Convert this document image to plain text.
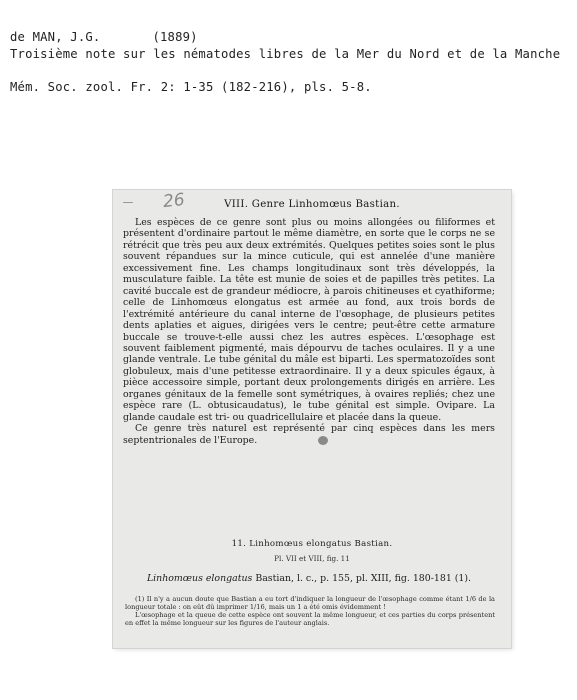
de MAN, J.G.	(1889)
Troisième note sur les nématodes libres de la Mer du Nord et de la Manche
Mém. Soc. zool. Fr. 2: 1-35 (182-216), pls. 5-8.
26	VIII. Genre Linhomœus Bastian.

Les espèces de ce genre sont plus ou moins allongées ou filiformes et présentent d'ordinaire partout le même diamètre, en sorte que le corps ne se rétrécit que très peu aux deux extrémités. Quelques petites soies sont le plus souvent répandues sur la mince cuticule, qui est annelée d'une manière excessivement fine. Les champs longitudinaux sont très développés, la musculature faible. La tête est munie de soies et de papilles très petites. La cavité buccale est de grandeur médiocre, à parois chitineuses et cyathiforme; celle de Linhomœus elongatus est armée au fond, aux trois bords de l'extrémité antérieure du canal interne de l'œsophage, de plusieurs petites dents aplaties et aigues, dirigées vers le centre; peut-être cette armature buccale se trouve-t-elle aussi chez les autres espèces. L'œsophage est souvent faiblement pigmenté, mais dépourvu de taches oculaires. Il y a une glande ventrale. Le tube génital du mâle est biparti. Les spermatozoïdes sont globuleux, mais d'une petitesse extraordinaire. Il y a deux spicules égaux, à pièce accessoire simple, portant deux prolongements dirigés en arrière. Les organes génitaux de la femelle sont symétriques, à ovaires repliés; chez une espèce rare (L. obtusicaudatus), le tube génital est simple. Ovipare. La glande caudale est tri- ou quadricellulaire et placée dans la queue.

Ce genre très naturel est représenté par cinq espèces dans les mers septentrionales de l'Europe.

11. Linhomœus elongatus Bastian.
Pl. VII et VIII, fig. 11
Linhomœus elongatus Bastian, l. c., p. 155, pl. XIII, fig. 180-181 (1).

(1) Il n'y a aucun doute que Bastian a eu tort d'indiquer la longueur de l'œsophage comme étant 1/6 de la longueur totale : on eût dû imprimer 1/16, mais un 1 a été omis évidemment !

L'œsophage et la queue de cette espèce ont souvent la même longueur, et ces parties du corps présentent en effet la même longueur sur les figures de l'auteur anglais.
